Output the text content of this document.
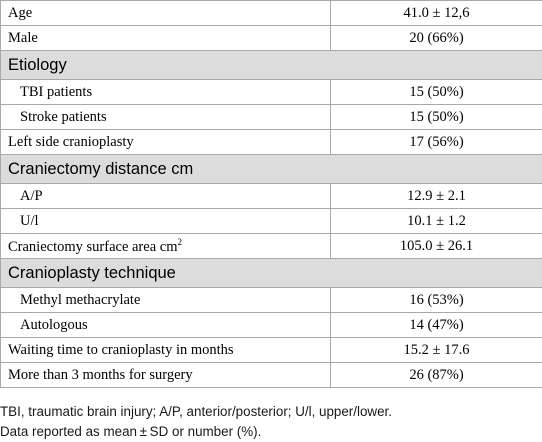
Age	41.0 ± 12,6
Male	20 (66%)
Etiology	
TBI patients	15 (50%)
Stroke patients	15 (50%)
Left side cranioplasty	17 (56%)
Craniectomy distance cm	
A/P	12.9 ± 2.1
U/l	10.1 ± 1.2
Craniectomy surface area $cm^2$	105.0 ± 26.1
Cranioplasty technique	
Methyl methacrylate	16 (53%)
Autologous	14 (47%)
Waiting time to cranioplasty in months	15.2 ± 17.6
More than 3 months for surgery	26 (87%)
TBI, traumatic brain injury; A/P, anterior/posterior; U/l, upper/lower.
Data reported as mean ± SD or number (%).
